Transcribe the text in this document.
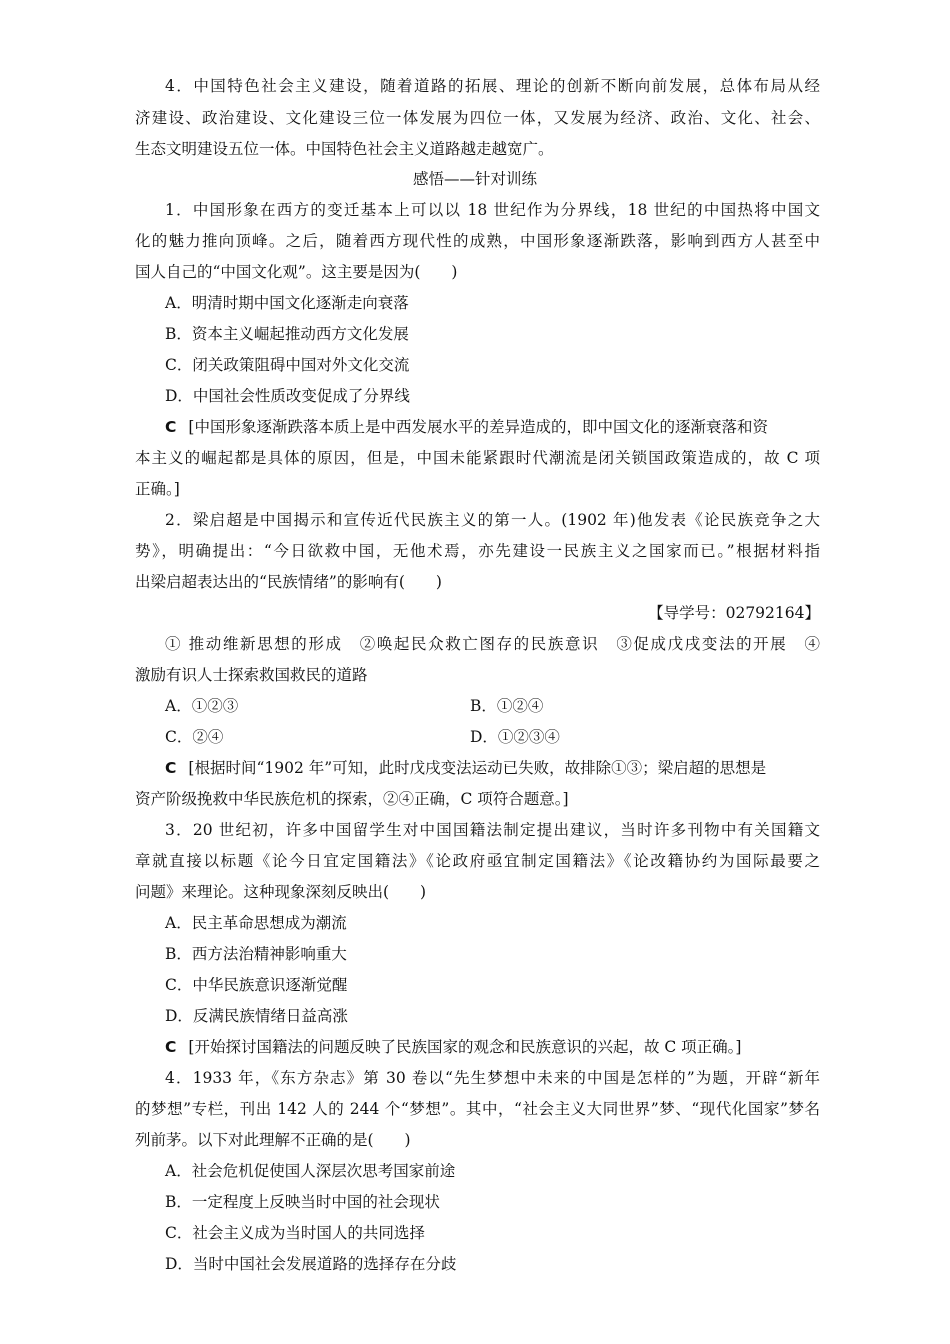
4．中国特色社会主义建设，随着道路的拓展、理论的创新不断向前发展，总体布局从经

济建设、政治建设、文化建设三位一体发展为四位一体，又发展为经济、政治、文化、社会、

生态文明建设五位一体。中国特色社会主义道路越走越宽广。

感悟——针对训练

1．中国形象在西方的变迁基本上可以以 18 世纪作为分界线，18 世纪的中国热将中国文

化的魅力推向顶峰。之后，随着西方现代性的成熟，中国形象逐渐跌落，影响到西方人甚至中

国人自己的“中国文化观”。这主要是因为(　　)

A．明清时期中国文化逐渐走向衰落

B．资本主义崛起推动西方文化发展

C．闭关政策阻碍中国对外文化交流

D．中国社会性质改变促成了分界线

C [中国形象逐渐跌落本质上是中西发展水平的差异造成的，即中国文化的逐渐衰落和资

本主义的崛起都是具体的原因，但是，中国未能紧跟时代潮流是闭关锁国政策造成的，故 C 项

正确。]

2．梁启超是中国揭示和宣传近代民族主义的第一人。(1902 年)他发表《论民族竞争之大

势》，明确提出：“今日欲救中国，无他术焉，亦先建设一民族主义之国家而已。”根据材料指

出梁启超表达出的“民族情绪”的影响有(　　)

【导学号：02792164】

① 推动维新思想的形成　②唤起民众救亡图存的民族意识　③促成戊戌变法的开展　④

激励有识人士探索救国救民的道路

A．①②③	B．①②④

C．②④	D．①②③④

C [根据时间“1902 年”可知，此时戊戌变法运动已失败，故排除①③；梁启超的思想是

资产阶级挽救中华民族危机的探索，②④正确，C 项符合题意。]

3．20 世纪初，许多中国留学生对中国国籍法制定提出建议，当时许多刊物中有关国籍文

章就直接以标题《论今日宜定国籍法》《论政府亟宜制定国籍法》《论改籍协约为国际最要之

问题》来理论。这种现象深刻反映出(　　)

A．民主革命思想成为潮流

B．西方法治精神影响重大

C．中华民族意识逐渐觉醒

D．反满民族情绪日益高涨

C [开始探讨国籍法的问题反映了民族国家的观念和民族意识的兴起，故 C 项正确。]

4．1933 年，《东方杂志》第 30 卷以“先生梦想中未来的中国是怎样的”为题，开辟“新年

的梦想”专栏，刊出 142 人的 244 个“梦想”。其中，“社会主义大同世界”梦、“现代化国家”梦名

列前茅。以下对此理解不正确的是(　　)

A．社会危机促使国人深层次思考国家前途

B．一定程度上反映当时中国的社会现状

C．社会主义成为当时国人的共同选择

D．当时中国社会发展道路的选择存在分歧
